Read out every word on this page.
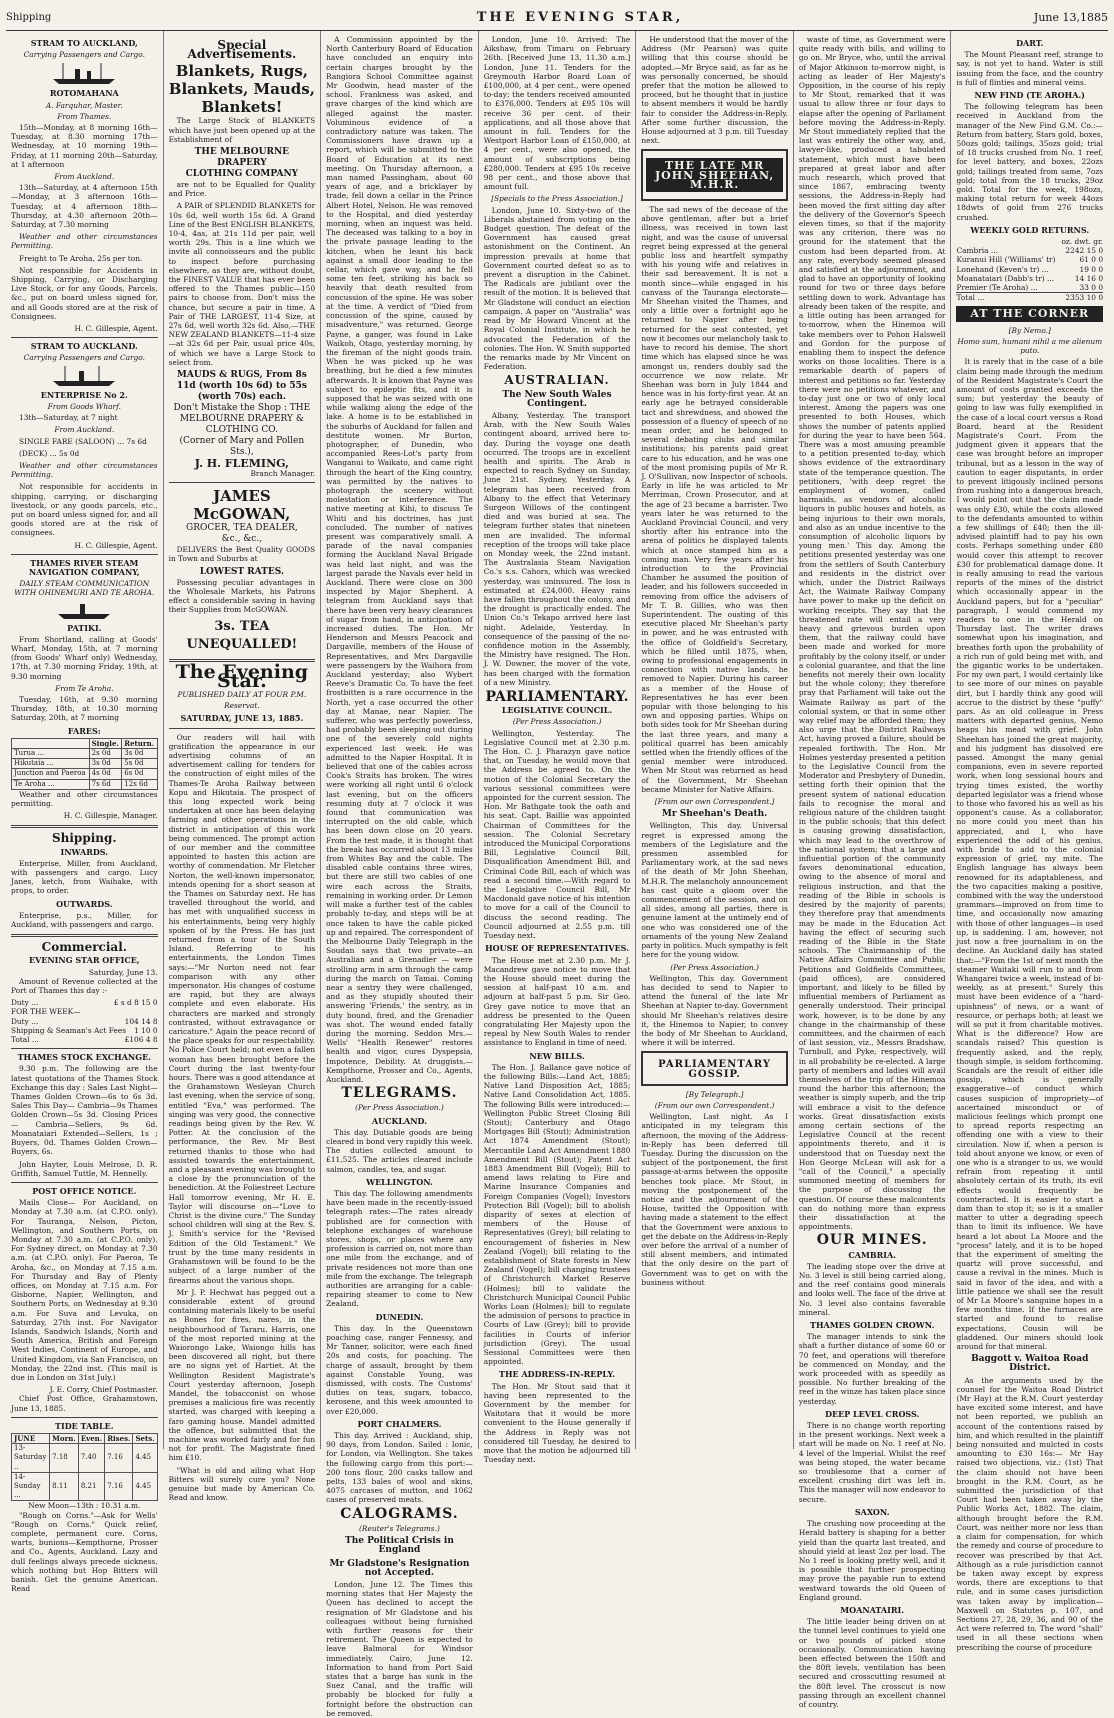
Shipping	THE EVENING STAR,	June 13,1885
STRAM TO AUCKLAND,
Carrying Passengers and Cargo.
ROTOMAHANA
A. Farquhar, Master.
From Thames.

15th—Monday, at 8 morning 16th—Tuesday, at 8.30 morning 17th—Wednesday, at 10 morning 19th—Friday, at 11 morning 20th—Saturday, at 1 afternoon

From Auckland.

13th—Saturday, at 4 afternoon 15th—Monday, at 3 afternoon 16th—Tuesday, at 4 afternoon 18th—Thursday, at 4.30 afternoon 20th—Saturday, at 7.30 morning

Weather and other circumstances Permitting.

Freight to Te Aroha, 25s per ton.

Not responsible for Accidents in Shipping, Carrying, or Discharging Live Stock, or for any Goods, Parcels, &c., put on board unless signed for, and all Goods stored are at the risk of Consignees.

H. C. Gillespie, Agent.
STRAM TO AUCKLAND.
Carrying Passengers and Cargo.
ENTERPRISE No 2.
From Goods Wharf.

13th—Saturday, at 7 night

From Auckland.

SINGLE FARE (SALOON) ... 7s 6d

(DECK) ... 5s 0d

Weather and other circumstances Permitting.

Not responsible for accidents in shipping, carrying, or discharging livestock, or any goods parcels, etc., put on board unless signed for, and all goods stored are at the risk of consignees.

H. C. Gillespie, Agent.
THAMES RIVER STEAM NAVIGATION COMPANY,
DAILY STEAM COMMUNICATION WITH OHINEMURI AND TE AROHA.
PATIKI.

From Shortland, calling at Goods' Wharf, Monday, 15th, at 7 morning (from Goods' Wharf only) Wednesday, 17th, at 7.30 morning Friday, 19th, at 9.30 morning

From Te Aroha.

Tuesday, 16th, at 9.30 morning Thursday, 18th, at 10.30 morning Saturday, 20th, at 7 morning

FARES:
	Single.	Return.
Turua ...	2s 0d	3s 0d
Hikutaia ...	3s 0d	5s 0d
Junction and Paeroa	4s 0d	6s 0d
Te Aroha ...	7s 6d	12s 6d

Weather and other circumstances permitting.

H. C. Gillespie, Manager.
Shipping.
INWARDS.

Enterprise, Miller, from Auckland, with passengers and cargo. Lucy Janes, ketch, from Waihake, with props, to order.

OUTWARDS.

Enterprise, p.s., Miller, for Auckland, with passengers and cargo.

Commercial.
EVENING STAR OFFICE,
Saturday, June 13.

Amount of Revenue collected at the Port of Thames this day :-

Duty ...	£ s d 8 15 0
FOR THE WEEK—
Duty ...	104 14 8
Shipping & Seaman's Act Fees 1 10 0
Total ...	£106 4 8
THAMES STOCK EXCHANGE.

9.30 p.m. The following are the latest quotations of the Thames Stock Exchange this day : Sales Last Night— Thames Golden Crown—6s to 6s 3d. Sales This Day— Cambria—9s Thames Golden Crown—5s 3d. Closing Prices— Cambria—Sellers, 9s 6d. Moanataiari Extended—Sellers, 1s ; Buyers, 0d. Thames Golden Crown—Buyers, 6s.

John Hayter, Louis Melrose, D. R. Griffith, Samuel Tuttle, M. Hennelly.

POST OFFICE NOTICE.

Mails Close— For Auckland, on Monday at 7.30 a.m. (at C.P.O. only). For Tauranga, Nelson, Picton, Wellington, and Southern Ports, on Monday at 7.30 a.m. (at C.P.O. only). For Sydney direct, on Monday at 7.30 a.m. (at C.P.O. only). For Paeroa, Te Aroha, &c., on Monday at 7.15 a.m. For Thursday and Bay of Plenty offices, on Monday at 7.15 a.m. For Gisborne, Napier, Wellington, and Southern Ports, on Wednesday at 9.30 a.m. For Suva and Levuka, on Saturday, 27th inst. For Navigator Islands, Sandwich Islands, North and South America, British and Foreign West Indies, Continent of Europe, and United Kingdom, via San Francisco, on Monday, the 22nd inst. (This mail is due in London on 31st July.)

J. E. Corry, Chief Postmaster.

Chief Post Office, Grahamstown, June 13, 1885.

TIDE TABLE.
JUNE	Morn.	Even.	Rises.	Sets.
13-Saturday ..	7.18	7.40	7.16	4.45
14-Sunday ...	8.11	8.21	7.16	4.45
New Moon—13th : 10.31 a.m.

"Rough on Corns."—Ask for Wells' "Rough on Corns." Quick relief, complete, permanent cure. Corns, warts, bunions—Kempthorne, Prosser and Co., Agents, Auckland. Lazy and dull feelings always precede sickness, which nothing but Hop Bitters will banish. Get the genuine American. Read

Special Advertisements.
Blankets, Rugs, Blankets, Mauds, Blankets!

The Large Stock of BLANKETS which have just been opened up at the Establishment of

THE MELBOURNE DRAPERY
CLOTHING COMPANY

are not to be Equalled for Quality and Price.

A PAIR of SPLENDID BLANKETS for 10s 6d, well worth 15s 6d. A Grand Line of the Best ENGLISH BLANKETS, 10-4, 4as, at 21s 11d per pair, well worth 29s. This is a line which we invite all connoisseurs and the public to inspect before purchasing elsewhere, as they are, without doubt, the FINEST VALUE that has ever been offered to the Thames public—150 pairs to choose from. Don't miss the chance, but secure a pair in time. A Pair of THE LARGEST, 11-4 Size, at 27s 6d, well worth 32s 6d. Also,—THE NEW ZEALAND BLANKETS—11-4 size—at 32s 6d per Pair, usual price 40s, of which we have a Large Stock to select from.

MAUDS & RUGS, From 8s 11d (worth 10s 6d) to 55s (worth 70s) each.
Don't Mistake the Shop : THE MELBOURNE DRAPERY & CLOTHING CO.
(Corner of Mary and Pollen Sts.),
J. H. FLEMING,
Branch Manager.
JAMES McGOWAN,
GROCER, TEA DEALER,
&c., &c.,

DELIVERS the Best Quality GOODS in Town and Suburbs at

LOWEST RATES.

Possessing peculiar advantages in the Wholesale Markets, his Patrons effect a considerable saving in having their Supplies from McGOWAN.

3s. TEA UNEQUALLED!
The Evening Star.
PUBLISHED DAILY AT FOUR P.M.
Reservat.
SATURDAY, JUNE 13, 1885.

Our readers will hail with gratification the appearance in our advertising columns of an advertisement calling for tenders for the construction of eight miles of the Thames-Te Aroha Railway between Kopu and Hikutaia. The prospect of this long expected work being undertaken at once has been delaying farming and other operations in the district in anticipation of this work being commenced. The prompt action of our member and the committee appointed to hasten this action are worthy of commendation. Mr Fletcher Norton, the well-known impersonator, intends opening for a short season at the Thames on Saturday next. He has travelled throughout the world, and has met with unqualified success in his entertainments, being very highly spoken of by the Press. He has just returned from a tour of the South Island. Referring to his entertainments, the London Times says:—"Mr Norton need not fear comparison with any other impersonator. His changes of costume are rapid, but they are always complete and even elaborate. His characters are marked and strongly contrasted, without extravagance or caricature." Again the peace record of the place speaks for our respectability. No Police Court held; not even a fallen woman has been brought before the Court during the last twenty-four hours. There was a good attendance at the Grahamstown Wesleyan Church last evening, when the service of song, entitled "Eva," was performed. The singing was very good, the connective readings being given by the Rev. W. Potter. At the conclusion of the performance, the Rev. Mr Best returned thanks to those who had assisted towards the entertainment, and a pleasant evening was brought to a close by the pronunciation of the benediction. At the Foliestreet Lecture Hall tomorrow evening, Mr H. E. Taylor will discourse on—"Love to Christ is the divine cure." The Sunday school children will sing at the Rev. S. J. Smith's service for the "Revised Edition of the Old Testament." We trust by the time many residents in Grahamstown will be found to be the subject of a large number of the firearms about the various shops.

Mr J. P. Hechwat has pegged out a considerable extent of ground containing materials likely to be useful as Bones for fires, nares, in the neighbourhood of Tararu. Harris, one of the most reported mining at the Waiorongo Lake, Waiongo hills has been discovered all right, but there are no signs yet of Hartiet. At the Wellington Resident Magistrate's Court yesterday afternoon, Joseph Mandel, the tobacconist on whose premises a malicious fire was recently started, was charged with keeping a faro gaming house. Mandel admitted the offence, but submitted that the machine was worked fairly and for fun not for profit. The Magistrate fined him £10.

"What is old and ailing what Hop Bitters will surely cure you? None genuine but made by American Co. Read and know.

A Commission appointed by the North Canterbury Board of Education have concluded an enquiry into certain charges brought by the Rangiora School Committee against Mr Goodwin, head master of the school. Frankness was asked, and grave charges of the kind which are alleged against the master. Voluminous evidence of a contradictory nature was taken. The Commissioners have drawn up a report, which will be submitted to the Board of Education at its next meeting. On Thursday afternoon, a man named Passingham, about 60 years of age, and a bricklayer by trade, fell down a cellar in the Prince Albert Hotel, Nelson. He was removed to the Hospital, and died yesterday morning, when an inquest was held. The deceased was talking to a boy in the private passage leading to the kitchen, when he leant his back against a small door leading to the cellar, which gave way, and he fell some ten feet, striking his back so heavily that death resulted from concussion of the spine. He was sober at the time. A verdict of "Died from concussion of the spine, caused by misadventure," was returned. George Payne, a ganger, was found in Lake Waikoh, Otago, yesterday morning, by the fireman of the night goods train. When he was picked up he was breathing, but he died a few minutes afterwards. It is known that Payne was subject to epileptic fits, and it is supposed that he was seized with one while walking along the edge of the lake. A home is to be established in the suburbs of Auckland for fallen and destitute women. Mr Burton, photographer, of Dunedin, who accompanied Rees-Lot's party from Wanganui to Waikato, and came right through the heart of the King country, was permitted by the natives to photograph the scenery without molestation or interference. The native meeting at Kihi, to discuss Te Whiti and his doctrines, has just concluded. The number of natives present was comparatively small. A parade of the naval companies forming the Auckland Naval Brigade was held last night, and was the largest parade the Navals ever held in Auckland. There were close on 300 inspected by Major Shepherd. A telegram from Auckland says that there have been very heavy clearances of sugar from hand, in anticipation of increased duties. The Hon. Mr Henderson and Messrs Peacock and Dargaville, members of the House of Representatives, and Mrs Dargaville were passengers by the Waihora from Auckland yesterday; also Wybert Reeve's Dramatic Co. To have the feet frostbitten is a rare occurrence in the North, yet a case occurred the other day at Manae, near Napier. The sufferer, who was perfectly powerless, had probably been sleeping out during one of the severely cold nights experienced last week. He was admitted to the Napier Hospital. It is believed that one of the cables across Cook's Straits has broken. The wires were working all right until 6 o'clock last evening, but on the officers resuming duty at 7 o'clock it was found that communication was interrupted on the old cable, which has been down close on 20 years. From the test made, it is thought that the break has occurred about 13 miles from Whites Bay and the cable. The disabled cable contains three wires, but there are still two cables of one wire each across the Straits, remaining in working order. Dr Lemon will make a further test of the cables probably to-day, and steps will be at once taken to have the cable picked up and repaired. The correspondent of the Melbourne Daily Telegraph in the Soudan says that two private—an Australian and a Grenadier — were strolling arm in arm through the camp during the march on Tamai. Coming near a sentry they were challenged, and as they stupidly shouted their answering 'Friends,' the sentry, as in duty bound, fired, and the Grenadier was shot. The wound ended fatally during the morning. Seddon Mrs.—Wells' "Health Renewer" restores health and vigor, cures Dyspepsia, Impotence, Debility. At druggists.—Kempthorne, Prosser and Co., Agents, Auckland.

TELEGRAMS.
(Per Press Association.)
AUCKLAND.

This day. Dutiable goods are being cleared in bond very rapidly this week. The duties collected amount to £11,525. The articles cleared include salmon, candles, tea, and sugar.

WELLINGTON.

This day. The following amendments have been made in the recently-issued telegraph rates:—The rates already published are for connection with telephone exchanges of warehouse stores, shops, or places where any profession is carried on, not more than one mile from the exchange, and of private residences not more than one mile from the exchange. The telegraph authorities are arranging for a cable-repairing steamer to come to New Zealand.

DUNEDIN.

This day. In the Queenstown poaching case, ranger Fennessy, and Mr Tanner, solicitor, were each fined 20s and costs, for poaching. The charge of assault, brought by them against Constable Young, was dismissed, with costs. The Customs' duties on teas, sugars, tobacco, kerosene, and this week amounted to over £20,000.

PORT CHALMERS.

This day. Arrived : Auckland, ship, 90 days, from London. Sailed : Ionic, for London, via Wellington. She takes the following cargo from this port:—200 tons flour, 200 casks tallow and pelts, 133 bales of wool and skins, 4075 carcases of mutton, and 1062 cases of preserved meats.

CALOGRAMS.
(Reuter's Telegrams.)
The Political Crisis in England
Mr Gladstone's Resignation not Accepted.

London, June 12. The Times this morning states that Her Majesty the Queen has declined to accept the resignation of Mr Gladstone and his colleagues without being furnished with further reasons for their retirement. The Queen is expected to leave Balmoral for Windsor immediately. Cairo, June 12. Information to hand from Port Said states that a barge has sunk in the Suez Canal, and the traffic will probably be blocked for fully a fortnight before the obstruction can be removed.

London, June 10. Arrived: The Aikshaw, from Timaru on February 26th. [Received June 13, 11.30 a.m.] London, June 11. Tenders for the Greymouth Harbor Board Loan of £100,000, at 4 per cent., were opened to-day; the tenders received amounted to £376,000. Tenders at £95 10s will receive 36 per cent. of their applications, and all those above that amount in full. Tenders for the Westport Harbor Loan of £150,000, at 4 per cent., were also opened, the amount of subscriptions being £280,000. Tenders at £95 10s receive 98 per cent., and those above that amount full.

[Specials to the Press Association.]

London, June 10. Sixty-two of the Liberals abstained from voting on the Budget question. The defeat of the Government has caused great astonishment on the Continent. An impression prevails at home that Government courted defeat so as to prevent a disruption in the Cabinet. The Radicals are jubilant over the result of the motion. It is believed that Mr Gladstone will conduct an election campaign. A paper on "Australia" was read by Mr Howard Vincent at the Royal Colonial Institute, in which he advocated the Federation of the colonies. The Hon. W. Smith supported the remarks made by Mr Vincent on Federation.

AUSTRALIAN.
The New South Wales Contingent.

Albany, Yesterday. The transport Arab, with the New South Wales contingent aboard, arrived here to-day. During the voyage one death occurred. The troops are in excellent health and spirits. The Arab is expected to reach Sydney on Sunday, June 21st. Sydney, Yesterday. A telegram has been received from Albany to the effect that Veterinary Surgeon Willows of the contingent died and was buried at sea. The telegram further states that nineteen men are invalided. The informal reception of the troops will take place on Monday week, the 22nd instant. The Australasia Steam Navigation Co.'s s.s. Cahors, which was wrecked yesterday, was uninsured. The loss is estimated at £24,000. Heavy rains have fallen throughout the colony, and the drought is practically ended. The Union Co.'s Tekapo arrived here last night. Adelaide, Yesterday. In consequence of the passing of the no-confidence motion in the Assembly, the Ministry have resigned. The Hon. J. W. Downer, the mover of the vote, has been charged with the formation of a new Ministry.

PARLIAMENTARY.
LEGISLATIVE COUNCIL.
(Per Press Association.)

Wellington, Yesterday. The Legislative Council met at 2.30 p.m. The Hon. C. J. Pharazyn gave notice that, on Tuesday, he would move that the Address be agreed to. On the motion of the Colonial Secretary the various sessional committees were appointed for the current session. The Hon. Mr Bathgate took the oath and his seat. Capt. Baillie was appointed Chairman of Committees for the session. The Colonial Secretary introduced the Municipal Corporations Bill, Legislative Council Bill, Disqualification Amendment Bill, and Criminal Code Bill, each of which was read a second time.—With regard to the Legislative Council Bill, Mr Macdonald gave notice of his intention to move for a call of the Council to discuss the second reading. The Council adjourned at 2.55 p.m. till Tuesday next.

HOUSE OF REPRESENTATIVES.

The House met at 2.30 p.m. Mr J. Macandrew gave notice to move that the House should meet during the session at half-past 10 a.m. and adjourn at half-past 5 p.m. Sir Geo. Grey gave notice to move that an address be presented to the Queen congratulating Her Majesty upon the repeal by New South Wales to render assistance to England in time of need.

NEW BILLS.

The Hon. J. Ballance gave notice of the following Bills:—Land Act, 1885; Native Land Disposition Act, 1885; Native Land Consolidation Act, 1885. The following Bills were introduced:—Wellington Public Street Closing Bill (Stout); Canterbury and Otago Mortgages Bill (Stout); Administration Act 1874 Amendment (Stout); Mercantile Land Act Amendment 1880 Amendment Bill (Stout); Patent Act 1883 Amendment Bill (Vogel); Bill to amend laws relating to Fire and Marine Insurance Companies and Foreign Companies (Vogel); Investors Protection Bill (Vogel); bill to abolish disparity of sexes at election of members of the House of Representatives (Grey); bill relating to encouragement of fisheries in New Zealand (Vogel); bill relating to the establishment of State forests in New Zealand (Vogel); bill changing trustees of Christchurch Market Reserve (Holmes); bill to validate the Christchurch Municipal Council Public Works Loan (Holmes); bill to regulate the admission of persons to practice in Courts of Law (Grey); bill to provide facilities in Courts of inferior jurisdiction (Grey). The usual Sessional Committees were then appointed.

THE ADDRESS-IN-REPLY.

The Hon. Mr Stout said that it having been represented to the Government by the member for Waitotara that it would be more convenient to the House generally if the Address in Reply was not considered till Tuesday, he desired to move that the motion be adjourned till Tuesday next.

He understood that the mover of the Address (Mr Pearson) was quite willing that this course should be adopted.—Mr Bryce said, as far as he was personally concerned, he should prefer that the motion be allowed to proceed, but he thought that in justice to absent members it would be hardly fair to consider the Address-in-Reply. After some further discussion, the House adjourned at 3 p.m. till Tuesday next.

THE LATE MR JOHN SHEEHAN, M.H.R.

The sad news of the decease of the above gentleman, after but a brief illness, was received in town last night, and was the cause of universal regret being expressed at the general public loss and heartfelt sympathy with his young wife and relatives in their sad bereavement. It is not a month since—while engaged in his canvass of the Tauranga electorate—Mr Sheehan visited the Thames, and only a little over a fortnight ago he returned to Napier after being returned for the seat contested, yet now it becomes our melancholy task to have to record his demise. The short time which has elapsed since he was amongst us, renders doubly sad the occurrence we now relate. Mr Sheehan was born in July 1844 and hence was in his forty-first year. At an early age he betrayed considerable tact and shrewdness, and showed the possession of a fluency of speech of no mean order, and he belonged to several debating clubs and similar institutions; his parents paid great care to his education, and he was one of the most promising pupils of Mr R. J. O'Sullivan, now Inspector of schools. Early in life he was articled to Mr Merriman, Crown Prosecutor, and at the age of 23 became a barrister. Two years later he was returned to the Auckland Provincial Council, and very shortly after his entrance into the arena of politics he displayed talents which at once stamped him as a coming man. Very few years after his introduction to the Provincial Chamber he assumed the position of leader, and his followers succeeded in removing from office the advisers of Mr T. B. Gillies, who was then Superintendent. The ousting of this executive placed Mr Sheehan's party in power, and he was entrusted with the office of Goldfield's Secretary, which he filled until 1875, when, owing to professional engagements in connection with native lands, he removed to Napier. During his career as a member of the House of Representatives he has ever been popular with those belonging to his own and opposing parties. Whips on both sides took for Mr Sheehan during the last three years, and many a political quarrel has been amicably settled when the friendly offices of the genial member were introduced. When Mr Stout was returned as head of the Government, Mr Sheehan became Minister for Native Affairs.

[From our own Correspondent.]
Mr Sheehan's Death.

Wellington, This day. Universal regret is expressed among the members of the Legislature and the pressmen assembled for Parliamentary work, at the sad news of the death of Mr John Sheehan, M.H.R. The melancholy announcement has cast quite a gloom over the commencement of the session, and on all sides, among all parties, there is genuine lament at the untimely end of one who was considered one of the ornaments of the young New Zealand party in politics. Much sympathy is felt here for the young widow.

(Per Press Association.)

Wellington, This day. Government has decided to send to Napier to attend the funeral of the late Mr Sheehan at Napier to-day. Government should Mr Sheehan's relatives desire it, the Hinemoa to Napier, to convey the body of Mr Sheehan to Auckland, where it will be interred.

PARLIAMENTARY GOSSIP.
[By Telegraph.]
(From our own Correspondent.)

Wellington, Last night. As I anticipated in my telegram this afternoon, the moving of the Address-in-Reply has been deferred till Tuesday. During the discussion on the subject of the postponement, the first passage-at-arms between the opposite benches took place. Mr Stout, in moving the postponement of the notice and the adjournment of the House, twitted the Opposition with having made a statement to the effect that the Government were anxious to get the debate on the Address-in-Reply over before the arrival of a number of still absent members, and intimated that the only desire on the part of Government was to get on with the business without

waste of time, as Government were quite ready with bills, and willing to go on. Mr Bryce, who, until the arrival of Major Atkinson to-morrow night, is acting as leader of Her Majesty's Opposition, in the course of his reply to Mr Stout, remarked that it was usual to allow three or four days to elapse after the opening of Parliament before moving the Address-in-Reply. Mr Stout immediately replied that the last was entirely the other way, and, lawyer-like, produced a tabulated statement, which must have been prepared at great labor and after much research, which proved that since 1867, embracing twenty sessions, the Address-in-Reply had been moved the first sitting day after the delivery of the Governor's Speech eleven times, so that if the majority was any criterion, there was no ground for the statement that the custom had been departed from. At any rate, everybody seemed pleased and satisfied at the adjournment, and glad to have an opportunity of looking round for two or three days before settling down to work. Advantage has already been taken of the respite, and a little outing has been arranged for to-morrow, when the Hinemoa will take members over to Pohon Halswell and Gordon for the purpose of enabling them to inspect the defence works on those localities. There is a remarkable dearth of papers of interest and petitions so far. Yesterday there were no petitions whatever, and to-day just one or two of only local interest. Among the papers was one presented to both Houses, which shows the number of patents applied for during the year to have been 564. There was a most amusing preamble to a petition presented to-day, which shows evidence of the extraordinary state of the temperance question. The petitioners, 'with deep regret the employment of women, called barmaids, as vendors of alcoholic liquors in public houses and hotels, as being injurious to their own morals, and also as an undue incentive to the consumption of alcoholic liquors by young men.' This day. Among the petitions presented yesterday was one from the settlers of South Canterbury and residents in the district over which, under the District Railways Act, the Waimate Railway Company have power to make up the deficit on working receipts. They say that the threatened rate will entail a very heavy and grievous burden upon them, that the railway could have been made and worked for more profitably by the colony itself, or under a colonial guarantee, and that the line benefits not merely their own locality but the whole colony; they therefore pray that Parliament will take out the Waimate Railway as part of the colonial system, or that in some other way relief may be afforded them; they also urge that the District Railways Act, having proved a failure, should be repealed forthwith. The Hon. Mr Holmes yesterday presented a petition to the Legislative Council from the Moderator and Presbytery of Dunedin, setting forth their opinion that the present system of national education fails to recognise the moral and religious nature of the children taught in the public schools; that this defect is causing growing dissatisfaction, which may lead to the overthrow of the national system; that a large and influential portion of the community favors denominational education, owing to the absence of moral and religious instruction, and that the reading of the Bible in schools is desired by the majority of parents; they therefore pray that amendments may be made in the Education Act having the effect of securing such reading of the Bible in the State schools. The Chairmanship of the Native Affairs Committee and Public Petitions and Goldfields Committees, (paid offices), are considered important, and likely to be filled by influential members of Parliament as generally understood. Their principal work, however, is to be done by any change in the chairmanship of these committees, and the chairmen of each of last session, viz., Messrs Bradshaw, Turnbull, and Pyke, respectively, will in all probability be re-elected. A large party of members and ladies will avail themselves of the trip of the Hinemoa round the harbor this afternoon; the weather is simply superb, and the trip will embrace a visit to the defence works. Great dissatisfaction exists among certain sections of the Legislative Council at the recent appointments thereto, and it is understood that on Tuesday next the Hon George McLean will ask for a "call of the Council," a specially summoned meeting of members for the purpose of discussing the question. Of course these malcontents can do nothing more than express their dissatisfaction at the appointments.

OUR MINES.
CAMBRIA.

The leading stope over the drive at No. 3 level is still being carried along, and the reef contains good minerals and looks well. The face of the drive at No. 3 level also contains favorable mineral.

THAMES GOLDEN CROWN.

The manager intends to sink the shaft a further distance of some 60 or 70 feet, and operations will therefore be commenced on Monday, and the work proceeded with as speedily as possible. No further breaking of the reef in the winze has taken place since yesterday.

DEEP LEVEL CROSS.

There is no change worth reporting in the present workings. Next week a start will be made on No. 1 reef at No. 4 level of the Imperial. Whilst the reef was being stoped, the water became so troublesome that a corner of excellent crushing dirt was left in. This the manager will now endeavor to secure.

SAXON.

The crushing now proceeding at the Herald battery is shaping for a better yield than the quartz last treated, and should yield at least 2oz per load. The No 1 reef is looking pretty well, and it is possible that further prospecting may prove the payable run to extend westward towards the old Queen of England ground.

MOANATAIRI.

The little leader being driven on at the tunnel level continues to yield one or two pounds of picked stone occasionally. Communication having been effected between the 150ft and the 80ft levels, ventilation has been secured and crosscutting resumed at the 80ft level. The crosscut is now passing through an excellent channel of country.

DART.

The Mount Pleasant reef, strange to say, is not yet to hand. Water is still issuing from the face, and the country is full of flinties and mineral veins.

NEW FIND (TE AROHA.)

The following telegram has been received in Auckland from the manager of the New Find G.M. Co.:—Return from battery, Stars gold, boxes, 50ozs gold; tailings, 35ozs gold; trial of 18 trucks crushed from No. 1 reef, for level battery, and boxes, 22ozs gold; tailings treated from same, 7ozs gold; total from the 18 trucks, 29oz gold. Total for the week, 198ozs, making total return for week 44ozs 18dwts of gold from 276 trucks crushed.

WEEKLY GOLD RETURNS.
oz. dwt. gr.
Cambria ...	2242 15 0
Kuranui Hill ('Williams' tr)	61 0 0
Lonehand (Keven's tr) ...	19 0 0
Moanataiari (Dabb's tr) ...	14 16 0
Premier (Te Aroha) ...	33 0 0
Total ...	2353 10 0
AT THE CORNER
[By Nemo.]
Homo sum, humani nihil a me alienum puto.

It is rarely that in the case of a bile claim being made through the medium of the Resident Magistrate's Court the amount of costs granted exceeds the sum; but yesterday the beauty of going to law was fully exemplified in the case of a local court versus a Road Board, heard at the Resident Magistrate's Court. From the judgment given it appears that the case was brought before an improper tribunal, but as a lesson in the way of caution to eager disputants, in order to prevent litigously inclined persons from rushing into a dangerous breach, I would point out that the claim made was only £30, while the costs allowed to the defendants amounted to within a few shillings of £40; then the ill-advised plaintiff had to pay his own costs. Perhaps something under £80 would cover this attempt to recover £30 for problematical damage done. It is really amusing to read the various reports of the mines of the district which occasionally appear in the Auckland papers, but for a "peculiar" paragraph, I would commend my readers to one in the Herald on Thursday last. The writer draws somewhat upon his imagination, and breathes forth upon the probability of a rich run of gold being met with, and the gigantic works to be undertaken. For my own part, I would certainly like to see more of our mines on payable dirt, but I hardly think any good will accrue to the district by these "puffy" pars. As an old colleague in Press matters with departed genius, Nemo heaps his mead with grief. John Sheehan has joined the great majority, and his judgment has dissolved ere passed. Amongst the many genial companions, even in severe reported work, when long sessional hours and trying times existed, the worthy departed legislator was a friend whose to those who favored his as well as his opponent's cause. As a collaborator, no more could you meet than his appreciated, and I, who have experienced the odd of his genius, with bride to add to the colonial expression of grief, my mite. The English language has always been renowned for its adaptableness, and the two capacities making a positive, combined with the way the understood grammars—improved on from time to time, and occasionally now amazing with those of other languages—is used up, is saddening. I am, however, not just now a free journalism in on the decline. An Auckland daily has stated that:—"From the 1st of next month the steamer Waitaki will run to and from Whangarei twice a week, instead of bi-weekly, as at present." Surely this must have been evidence of a "hard-upishness" of news, or a want of resource, or perhaps both; at least we will so put it from charitable motives. What is the difference? How are scandals raised? This question is frequently asked, and the reply, though simple, is seldom forthcoming. Scandals are the result of either idle gossip, which is generally exaggerative—of conduct which causes suspicion of impropriety—of ascertained misconduct or of malicious feelings which prompt one to spread reports respecting an offending one with a view to their circulation. Now if, when a person is told about anyone we know, or even of one who is a stranger to us, we would refrain from repeating it until absolutely certain of its truth, its evil effects would frequently be counteracted. It is easier to start a dam than to stop it; so is it a smaller matter to utter a degrading speech than to limit its influence. We have heard a lot about La Moore and the "process" lately, and it is to be hoped that the experiment of smelting the quartz will prove successful, and cause a revival in the mines. Much is said in favor of the idea, and with a little patience we shall see the result of Mr La Moore's sanguine hopes in a few months time. If the furnaces are started and found to realise expectations, Cousin will be gladdened. Our miners should look around for that mineral.

Baggott v. Waitoa Road District.

As the arguments used by the counsel for the Waitoa Road District (Mr Hay) at the R.M. Court yesterday have excited some interest, and have not been reported, we publish an account of the contentions raised by him, and which resulted in the plaintiff being nonsuited and mulcted in costs amounting to £30 16s:— Mr Hay raised two objections, viz.: (1st) That the claim should not have been brought in the R.M. Court, as he submitted the jurisdiction of that Court had been taken away by the Public Works Act, 1882. The claim, although brought before the R.M. Court, was neither more nor less than a claim for compensation, for which the remedy and course of procedure to recover was prescribed by that Act. Although as a rule jurisdiction cannot be taken away except by express words, there are exceptions to that rule, and in some cases jurisdiction was taken away by implication—Maxwell on Statutes p. 107, and Sections 27, 28, 29, 36, and 90 of the Act were referred to. The word "shall" used in all these sections when prescribing the course of procedure
